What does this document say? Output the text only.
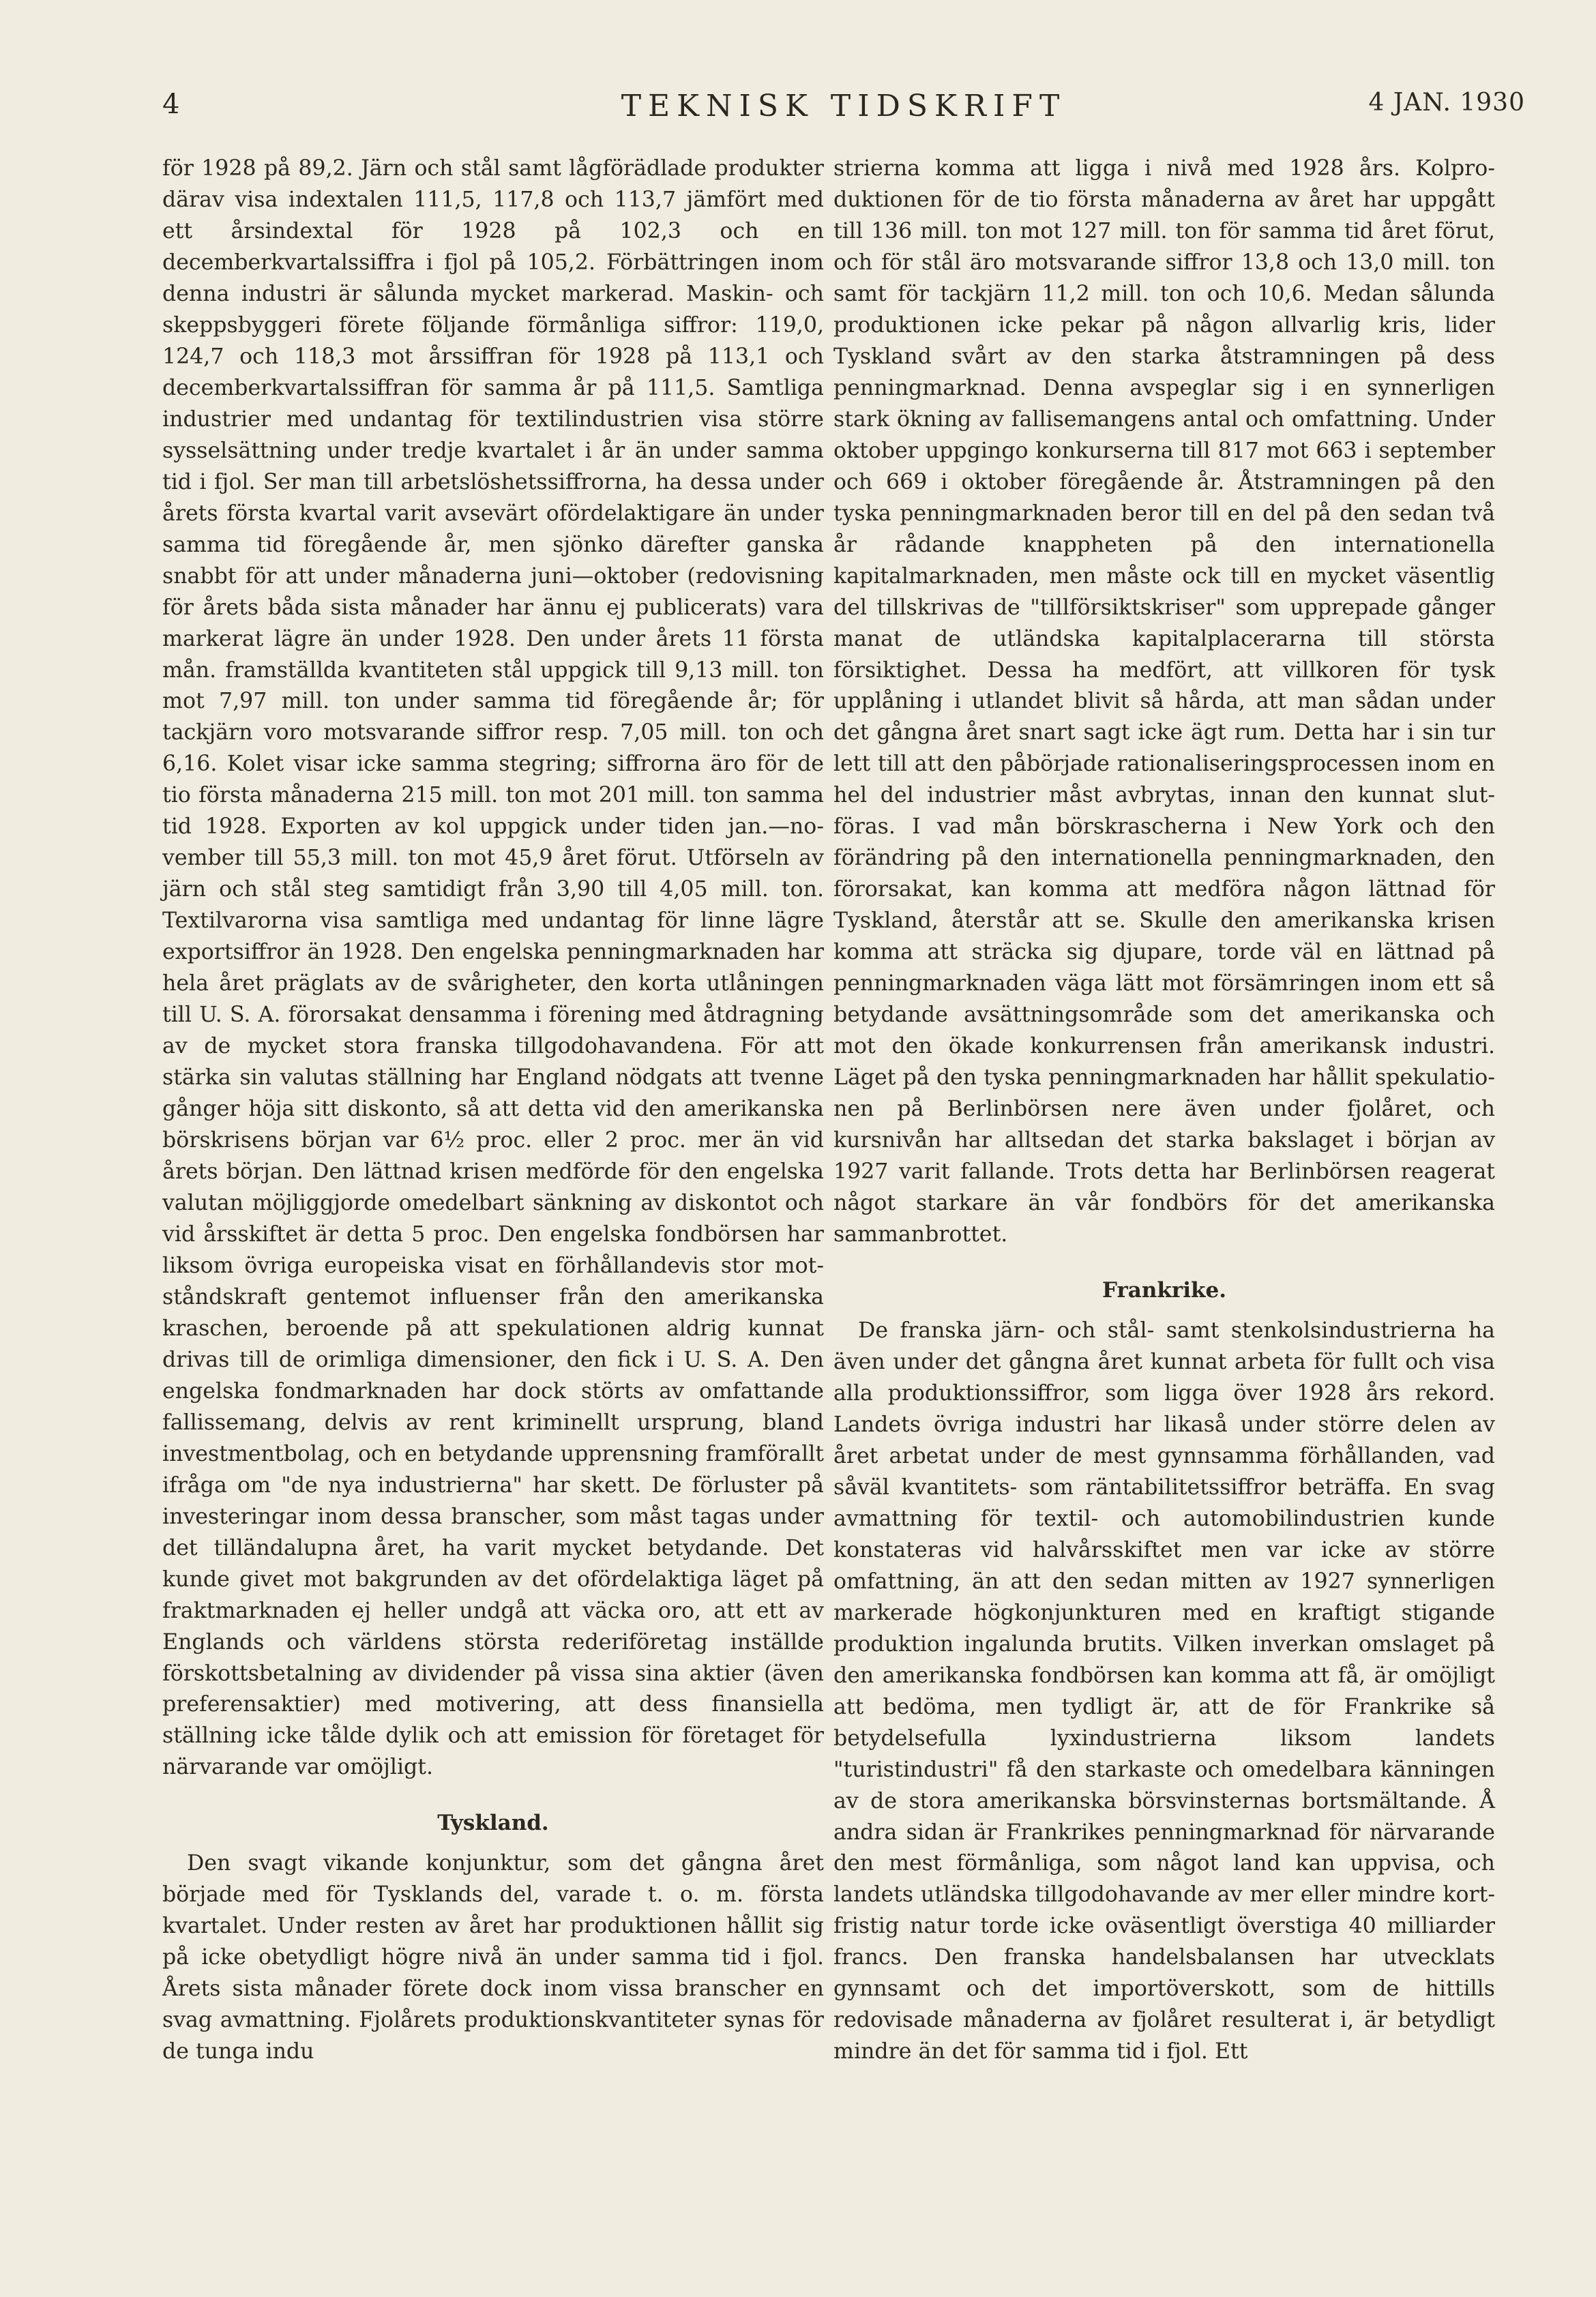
4	TEKNISK TIDSKRIFT	4 JAN. 1930

för 1928 på 89,2. Järn och stål samt lågförädlade produkter därav visa indextalen 111,5, 117,8 och 113,7 jämfört med ett årsindextal för 1928 på 102,3 och en decemberkvartalssiffra i fjol på 105,2. Förbättringen inom denna industri är sålunda mycket markerad. Maskin- och skeppsbyggeri förete följande förmånliga siffror: 119,0, 124,7 och 118,3 mot årssiffran för 1928 på 113,1 och decemberkvartalssiffran för samma år på 111,5. Samtliga industrier med undantag för textilindustrien visa större sysselsättning under tredje kvartalet i år än under samma tid i fjol. Ser man till arbetslöshetssiffrorna, ha dessa under årets första kvartal varit avsevärt ofördelaktigare än under samma tid föregående år, men sjönko därefter ganska snabbt för att under månaderna juni—oktober (redovisning för årets båda sista månader har ännu ej publicerats) vara markerat lägre än under 1928. Den under årets 11 första mån. framställda kvantiteten stål uppgick till 9,13 mill. ton mot 7,97 mill. ton under samma tid föregående år; för tackjärn voro motsvarande siffror resp. 7,05 mill. ton och 6,16. Kolet visar icke samma stegring; siffrorna äro för de tio första månaderna 215 mill. ton mot 201 mill. ton samma tid 1928. Exporten av kol uppgick under tiden jan.—november till 55,3 mill. ton mot 45,9 året förut. Utförseln av järn och stål steg samtidigt från 3,90 till 4,05 mill. ton. Textilvarorna visa samtliga med undantag för linne lägre exportsiffror än 1928. Den engelska penningmarknaden har hela året präglats av de svårigheter, den korta utlåningen till U. S. A. förorsakat densamma i förening med åtdragning av de mycket stora franska tillgodohavandena. För att stärka sin valutas ställning har England nödgats att tvenne gånger höja sitt diskonto, så att detta vid den amerikanska börskrisens början var 6½ proc. eller 2 proc. mer än vid årets början. Den lättnad krisen medförde för den engelska valutan möjliggjorde omedelbart sänkning av diskontot och vid årsskiftet är detta 5 proc. Den engelska fondbörsen har liksom övriga europeiska visat en förhållandevis stor motståndskraft gentemot influenser från den amerikanska kraschen, beroende på att spekulationen aldrig kunnat drivas till de orimliga dimensioner, den fick i U. S. A. Den engelska fondmarknaden har dock störts av omfattande fallissemang, delvis av rent kriminellt ursprung, bland investmentbolag, och en betydande upprensning framförallt ifråga om "de nya industrierna" har skett. De förluster på investeringar inom dessa branscher, som måst tagas under det tilländalupna året, ha varit mycket betydande. Det kunde givet mot bakgrunden av det ofördelaktiga läget på fraktmarknaden ej heller undgå att väcka oro, att ett av Englands och världens största rederiföretag inställde förskottsbetalning av dividender på vissa sina aktier (även preferensaktier) med motivering, att dess finansiella ställning icke tålde dylik och att emission för företaget för närvarande var omöjligt.

Tyskland.

Den svagt vikande konjunktur, som det gångna året började med för Tysklands del, varade t. o. m. första kvartalet. Under resten av året har produktionen hållit sig på icke obetydligt högre nivå än under samma tid i fjol. Årets sista månader förete dock inom vissa branscher en svag avmattning. Fjolårets produktionskvantiteter synas för de tunga indu

strierna komma att ligga i nivå med 1928 års. Kolproduktionen för de tio första månaderna av året har uppgått till 136 mill. ton mot 127 mill. ton för samma tid året förut, och för stål äro motsvarande siffror 13,8 och 13,0 mill. ton samt för tackjärn 11,2 mill. ton och 10,6. Medan sålunda produktionen icke pekar på någon allvarlig kris, lider Tyskland svårt av den starka åtstramningen på dess penningmarknad. Denna avspeglar sig i en synnerligen stark ökning av fallisemangens antal och omfattning. Under oktober uppgingo konkurserna till 817 mot 663 i september och 669 i oktober föregående år. Åtstramningen på den tyska penningmarknaden beror till en del på den sedan två år rådande knappheten på den internationella kapitalmarknaden, men måste ock till en mycket väsentlig del tillskrivas de "tillförsiktskriser" som upprepade gånger manat de utländska kapitalplacerarna till största försiktighet. Dessa ha medfört, att villkoren för tysk upplåning i utlandet blivit så hårda, att man sådan under det gångna året snart sagt icke ägt rum. Detta har i sin tur lett till att den påbörjade rationaliseringsprocessen inom en hel del industrier måst avbrytas, innan den kunnat slutföras. I vad mån börskrascherna i New York och den förändring på den internationella penningmarknaden, den förorsakat, kan komma att medföra någon lättnad för Tyskland, återstår att se. Skulle den amerikanska krisen komma att sträcka sig djupare, torde väl en lättnad på penningmarknaden väga lätt mot försämringen inom ett så betydande avsättningsområde som det amerikanska och mot den ökade konkurrensen från amerikansk industri. Läget på den tyska penningmarknaden har hållit spekulationen på Berlinbörsen nere även under fjolåret, och kursnivån har alltsedan det starka bakslaget i början av 1927 varit fallande. Trots detta har Berlinbörsen reagerat något starkare än vår fondbörs för det amerikanska sammanbrottet.

Frankrike.

De franska järn- och stål- samt stenkolsindustrierna ha även under det gångna året kunnat arbeta för fullt och visa alla produktionssiffror, som ligga över 1928 års rekord. Landets övriga industri har likaså under större delen av året arbetat under de mest gynnsamma förhållanden, vad såväl kvantitets- som räntabilitetssiffror beträffa. En svag avmattning för textil- och automobilindustrien kunde konstateras vid halvårsskiftet men var icke av större omfattning, än att den sedan mitten av 1927 synnerligen markerade högkonjunkturen med en kraftigt stigande produktion ingalunda brutits. Vilken inverkan omslaget på den amerikanska fondbörsen kan komma att få, är omöjligt att bedöma, men tydligt är, att de för Frankrike så betydelsefulla lyxindustrierna liksom landets "turistindustri" få den starkaste och omedelbara känningen av de stora amerikanska börsvinsternas bortsmältande. Å andra sidan är Frankrikes penningmarknad för närvarande den mest förmånliga, som något land kan uppvisa, och landets utländska tillgodohavande av mer eller mindre kortfristig natur torde icke oväsentligt överstiga 40 milliarder francs. Den franska handelsbalansen har utvecklats gynnsamt och det importöverskott, som de hittills redovisade månaderna av fjolåret resulterat i, är betydligt mindre än det för samma tid i fjol. Ett
